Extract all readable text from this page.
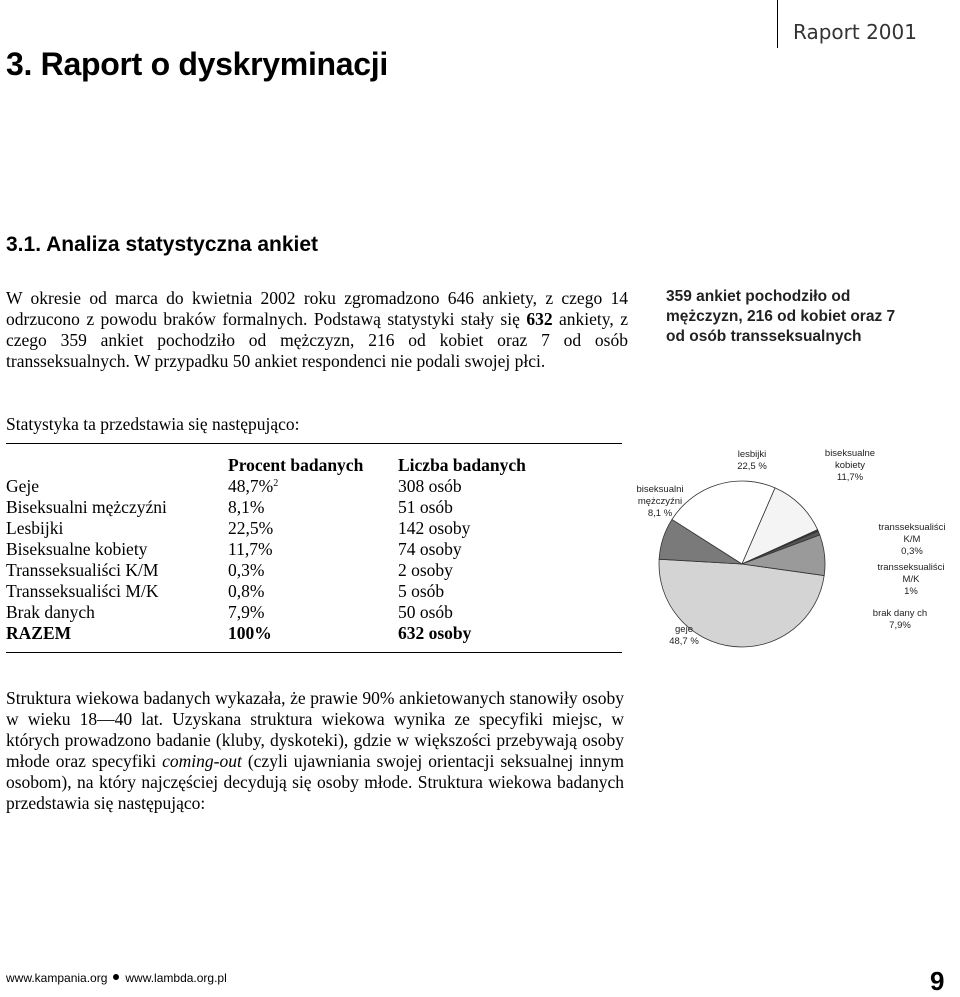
Raport 2001
3. Raport o dyskryminacji
3.1. Analiza statystyczna ankiet

W okresie od marca do kwietnia 2002 roku zgromadzono 646 ankiety, z czego 14 odrzucono z powodu braków formalnych. Podstawą statystyki stały się 632 ankiety, z czego 359 ankiet pochodziło od mężczyzn, 216 od kobiet oraz 7 od osób transseksualnych. W przypadku 50 ankiet respondenci nie podali swojej płci.

359 ankiet pochodziło od mężczyzn, 216 od kobiet oraz 7 od osób transseksualnych
Statystyka ta przedstawia się następująco:
	Procent badanych	Liczba badanych
Geje	48,7%$^2$	308 osób
Biseksualni mężczyźni	8,1%	51 osób
Lesbijki	22,5%	142 osoby
Biseksualne kobiety	11,7%	74 osoby
Transseksualiści K/M	0,3%	2 osoby
Transseksualiści M/K	0,8%	5 osób
Brak danych	7,9%	50 osób
RAZEM	100%	632 osoby	geje 48,7 %
biseksualni mężczyźni 8,1 %
lesbijki 22,5 %
biseksualne kobiety 11,7%
transseksualiści K/M 0,3%
transseksualiści M/K 1%
brak dany ch 7,9%

Struktura wiekowa badanych wykazała, że prawie 90% ankietowanych stanowiły osoby w wieku 18—40 lat. Uzyskana struktura wiekowa wynika ze specyfiki miejsc, w których prowadzono badanie (kluby, dyskoteki), gdzie w większości przebywają osoby młode oraz specyfiki coming-out (czyli ujawniania swojej orientacji seksualnej innym osobom), na który najczęściej decydują się osoby młode. Struktura wiekowa badanych przedstawia się następująco:

www.kampania.org www.lambda.org.pl	9
